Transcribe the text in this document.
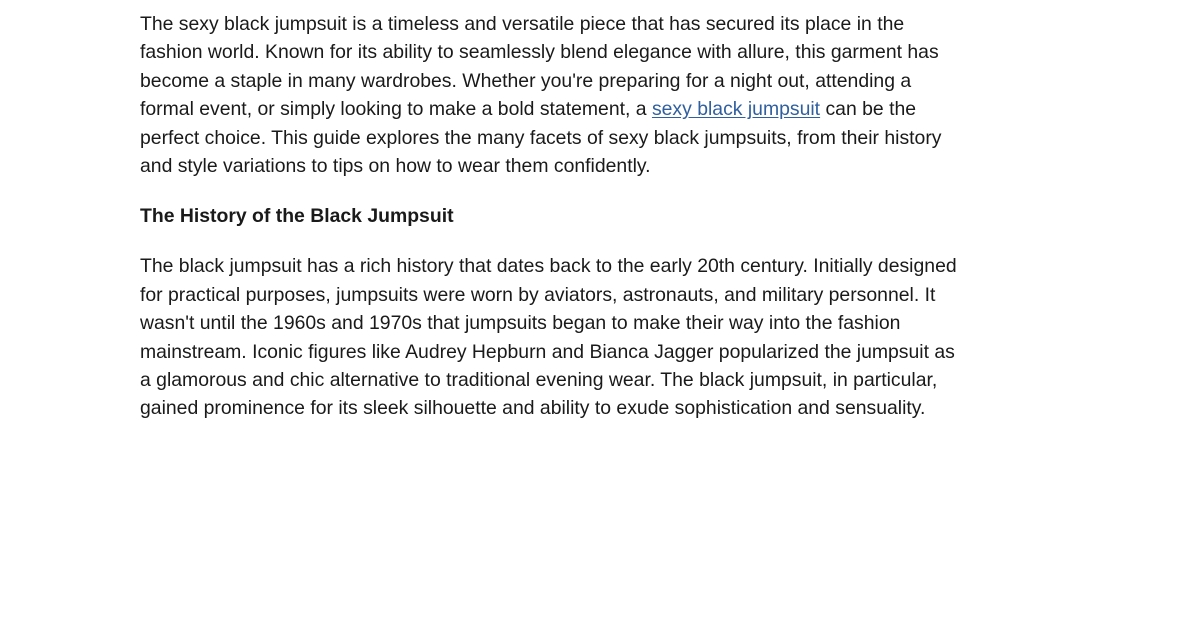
The sexy black jumpsuit is a timeless and versatile piece that has secured its place in the
fashion world. Known for its ability to seamlessly blend elegance with allure, this garment has
become a staple in many wardrobes. Whether you're preparing for a night out, attending a
formal event, or simply looking to make a bold statement, a sexy black jumpsuit can be the
perfect choice. This guide explores the many facets of sexy black jumpsuits, from their history
and style variations to tips on how to wear them confidently.

The History of the Black Jumpsuit

The black jumpsuit has a rich history that dates back to the early 20th century. Initially designed
for practical purposes, jumpsuits were worn by aviators, astronauts, and military personnel. It
wasn't until the 1960s and 1970s that jumpsuits began to make their way into the fashion
mainstream. Iconic figures like Audrey Hepburn and Bianca Jagger popularized the jumpsuit as
a glamorous and chic alternative to traditional evening wear. The black jumpsuit, in particular,
gained prominence for its sleek silhouette and ability to exude sophistication and sensuality.
